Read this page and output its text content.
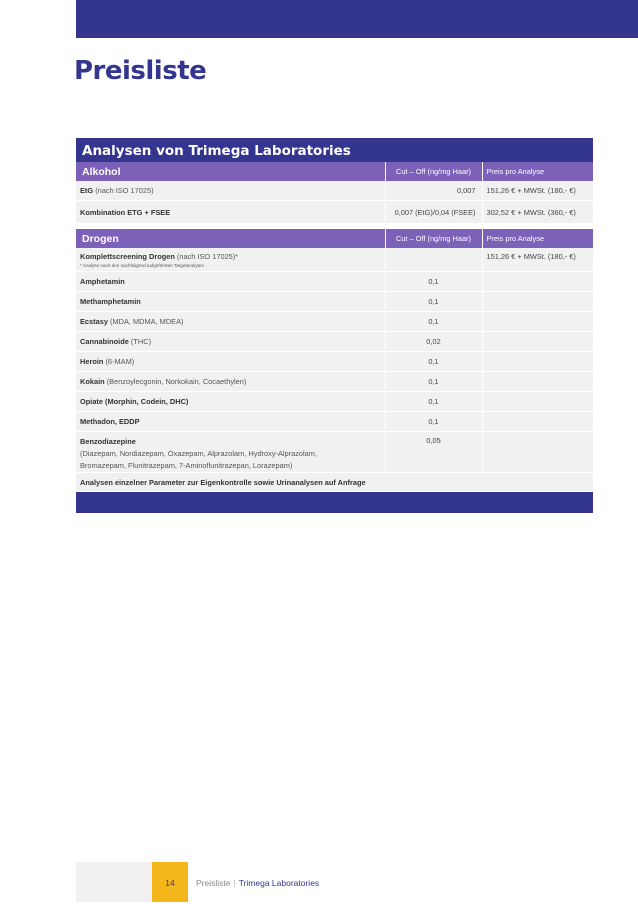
Preisliste
Analysen von Trimega Laboratories
Alkohol	Cut – Off (ng/mg Haar)	Preis pro Analyse
EtG (nach ISO 17025)	0,007	151,26 € + MWSt. (180,- €)
Kombination ETG + FSEE	0,007 (EtG)/0,04 (FSEE)	302,52 € + MWSt. (360,- €)
Drogen	Cut – Off (ng/mg Haar)	Preis pro Analyse
Komplettscreening Drogen (nach ISO 17025)*
* Analyse nach den nachfolgend aufgeführten Targetanalyten		151,26 € + MWSt. (180,- €)
Amphetamin	0,1	
Methamphetamin	0,1	
Ecstasy (MDA, MDMA, MDEA)	0,1	
Cannabinoide (THC)	0,02	
Heroin (6-MAM)	0,1	
Kokain (Benzoylecgonin, Norkokain, Cocaethylen)	0,1	
Opiate (Morphin, Codein, DHC)	0,1	
Methadon, EDDP	0,1	
Benzodiazepine
(Diazepam, Nordiazepam, Oxazepam, Alprazolam, Hydroxy-Alprazolam,
Bromazepam, Flunitrazepam, 7-Aminoflunitrazepan, Lorazepam)	0,05	
Analysen einzelner Parameter zur Eigenkontrolle sowie Urinanalysen auf Anfrage		
14	Preisliste | Trimega Laboratories
